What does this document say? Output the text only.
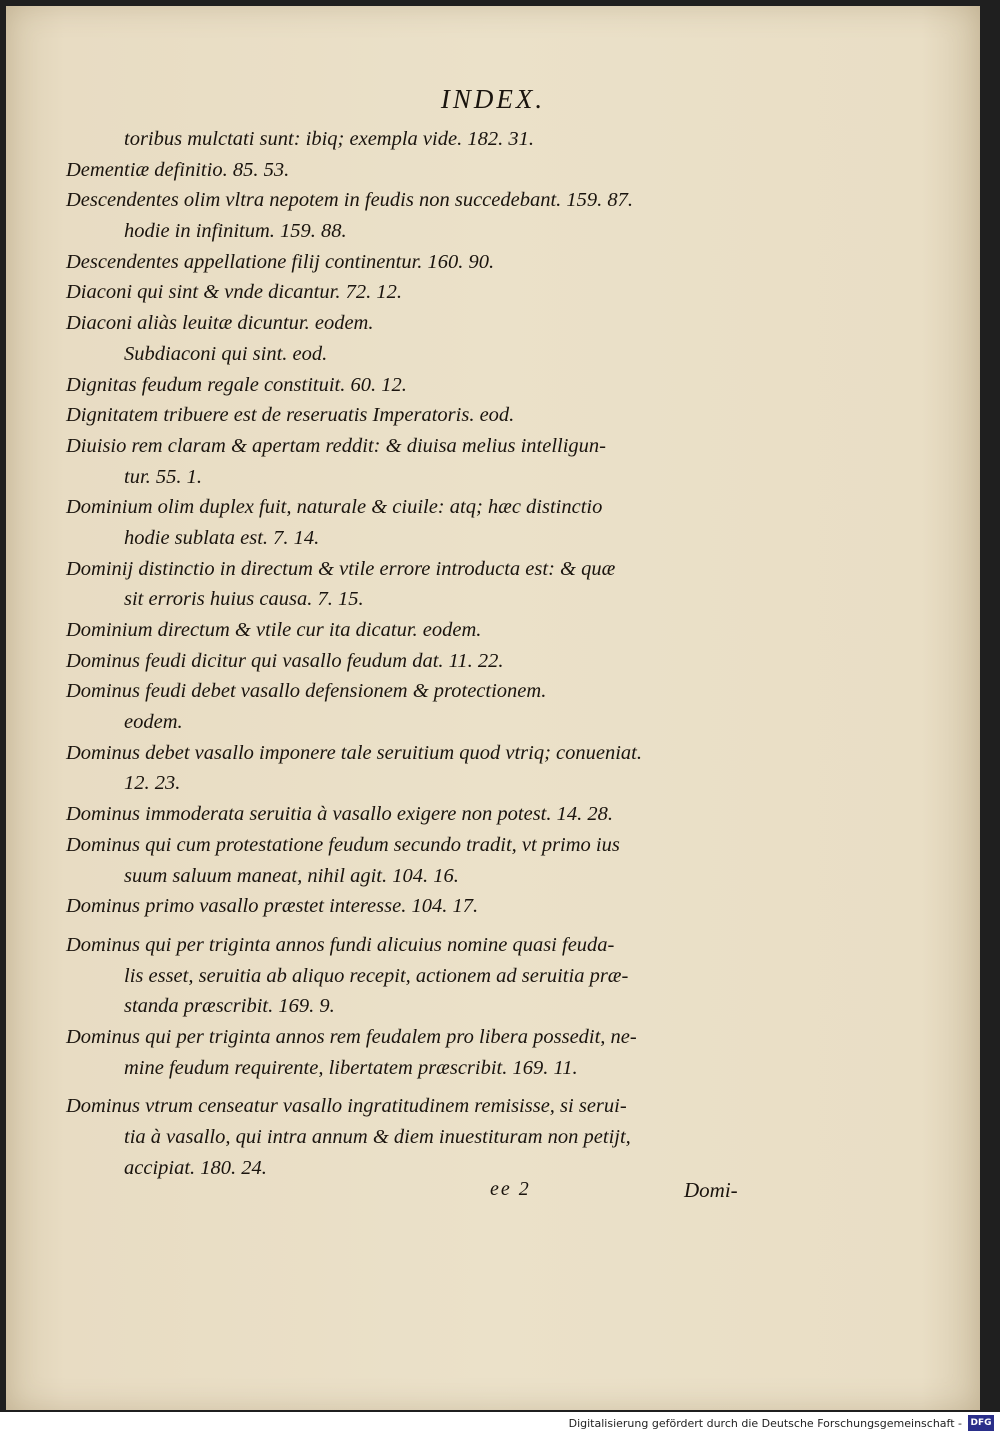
INDEX.
toribus mulctati sunt: ibiq; exempla vide. 182. 31.
Dementiæ definitio. 85. 53.
Descendentes olim vltra nepotem in feudis non succedebant. 159. 87.
hodie in infinitum. 159. 88.
Descendentes appellatione filij continentur. 160. 90.
Diaconi qui sint & vnde dicantur. 72. 12.
Diaconi aliàs leuitæ dicuntur. eodem.
Subdiaconi qui sint. eod.
Dignitas feudum regale constituit. 60. 12.
Dignitatem tribuere est de reseruatis Imperatoris. eod.
Diuisio rem claram & apertam reddit: & diuisa melius intelligun-
tur. 55. 1.
Dominium olim duplex fuit, naturale & ciuile: atq; hæc distinctio
hodie sublata est. 7. 14.
Dominij distinctio in directum & vtile errore introducta est: & quæ
sit erroris huius causa. 7. 15.
Dominium directum & vtile cur ita dicatur. eodem.
Dominus feudi dicitur qui vasallo feudum dat. 11. 22.
Dominus feudi debet vasallo defensionem & protectionem.
eodem.
Dominus debet vasallo imponere tale seruitium quod vtriq; conueniat.
12. 23.
Dominus immoderata seruitia à vasallo exigere non potest. 14. 28.
Dominus qui cum protestatione feudum secundo tradit, vt primo ius
suum saluum maneat, nihil agit. 104. 16.
Dominus primo vasallo præstet interesse. 104. 17.
Dominus qui per triginta annos fundi alicuius nomine quasi feuda-
lis esset, seruitia ab aliquo recepit, actionem ad seruitia præ-
standa præscribit. 169. 9.
Dominus qui per triginta annos rem feudalem pro libera possedit, ne-
mine feudum requirente, libertatem præscribit. 169. 11.
Dominus vtrum censeatur vasallo ingratitudinem remisisse, si serui-
tia à vasallo, qui intra annum & diem inuestituram non petijt,
accipiat. 180. 24.
ee 2	Domi-
Digitalisierung gefördert durch die Deutsche Forschungsgemeinschaft - DFG
